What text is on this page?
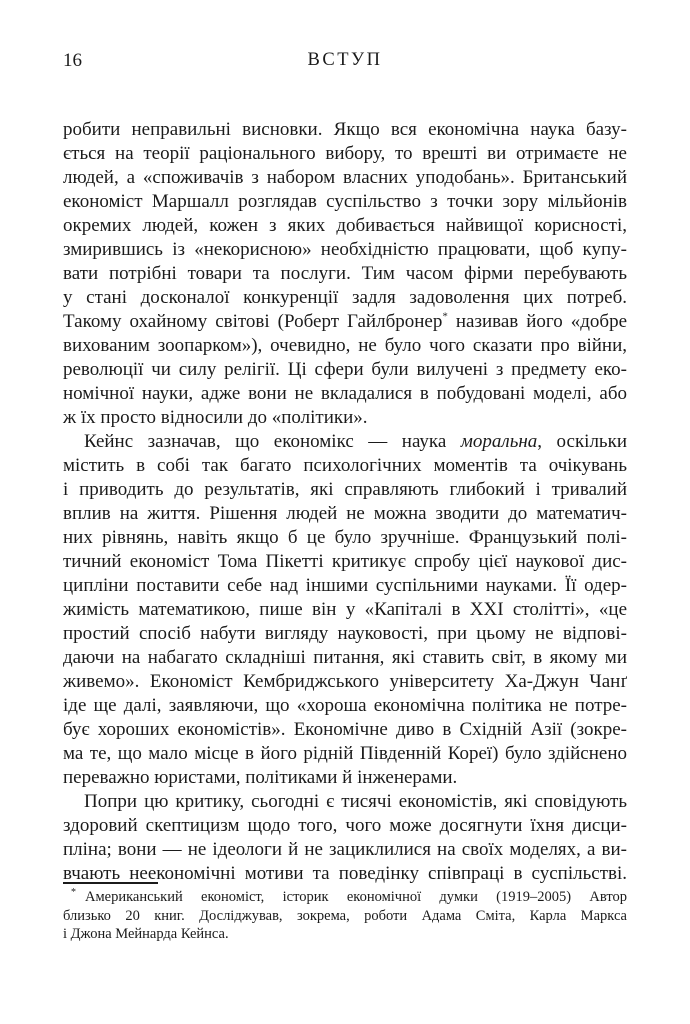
16	ВСТУП
робити неправильні висновки. Якщо вся економічна наука базу-
ється на теорії раціонального вибору, то врешті ви отримаєте не
людей, а «споживачів з набором власних уподобань». Британський
економіст Маршалл розглядав суспільство з точки зору мільйонів
окремих людей, кожен з яких добивається найвищої корисності,
змирившись із «некорисною» необхідністю працювати, щоб купу-
вати потрібні товари та послуги. Тим часом фірми перебувають
у стані досконалої конкуренції задля задоволення цих потреб.
Такому охайному світові (Роберт Гайлбронер* називав його «добре
вихованим зоопарком»), очевидно, не було чого сказати про війни,
революції чи силу релігії. Ці сфери були вилучені з предмету еко-
номічної науки, адже вони не вкладалися в побудовані моделі, або
ж їх просто відносили до «політики».
Кейнс зазначав, що економікс — наука моральна, оскільки
містить в собі так багато психологічних моментів та очікувань
і приводить до результатів, які справляють глибокий і тривалий
вплив на життя. Рішення людей не можна зводити до математич-
них рівнянь, навіть якщо б це було зручніше. Французький полі-
тичний економіст Тома Пікетті критикує спробу цієї наукової дис-
ципліни поставити себе над іншими суспільними науками. Її одер-
жимість математикою, пише він у «Капіталі в XXI столітті», «це
простий спосіб набути вигляду науковості, при цьому не відпові-
даючи на набагато складніші питання, які ставить світ, в якому ми
живемо». Економіст Кембриджського університету Ха-Джун Чанґ
іде ще далі, заявляючи, що «хороша економічна політика не потре-
бує хороших економістів». Економічне диво в Східній Азії (зокре-
ма те, що мало місце в його рідній Південній Кореї) було здійснено
переважно юристами, політиками й інженерами.
Попри цю критику, сьогодні є тисячі економістів, які сповідують
здоровий скептицизм щодо того, чого може досягнути їхня дисци-
пліна; вони — не ідеологи й не зациклилися на своїх моделях, а ви-
вчають неекономічні мотиви та поведінку співпраці в суспільстві.
* Американський економіст, історик економічної думки (1919–2005) Автор
близько 20 книг. Досліджував, зокрема, роботи Адама Сміта, Карла Маркса
і Джона Мейнарда Кейнса.
